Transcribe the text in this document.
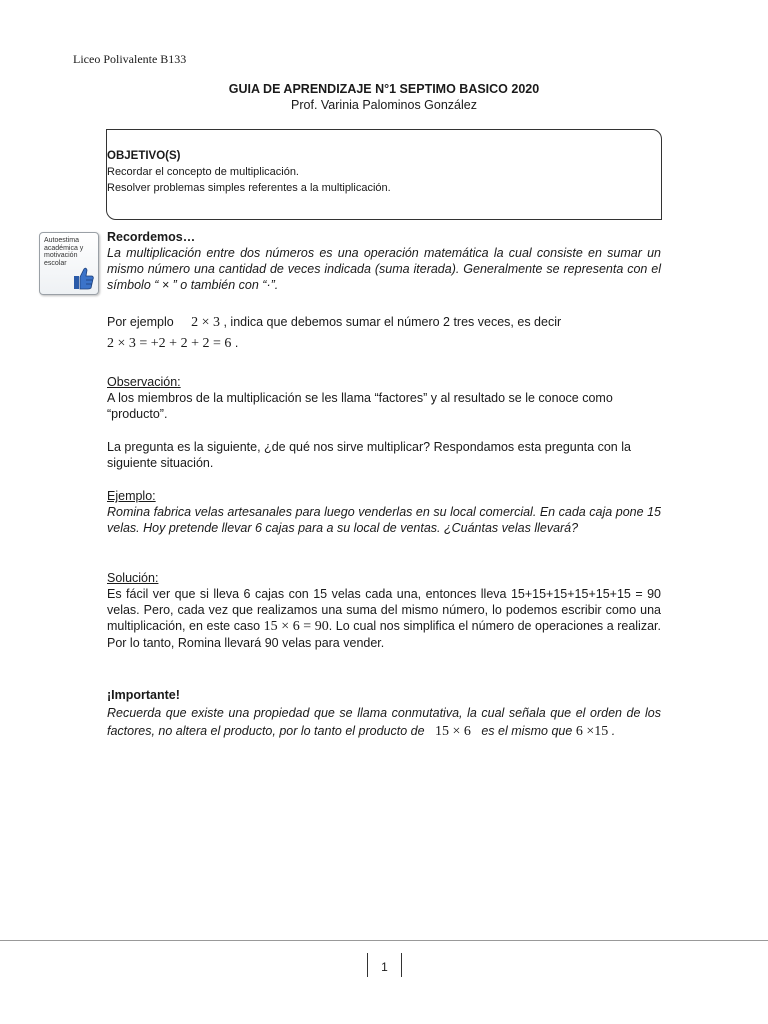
Liceo Polivalente B133
GUIA DE APRENDIZAJE N°1 SEPTIMO BASICO 2020
Prof. Varinia Palominos González
OBJETIVO(S)
Recordar el concepto de multiplicación.
Resolver problemas simples referentes a la multiplicación.
Autoestima académica y motivación escolar
Recordemos…
La multiplicación entre dos números es una operación matemática la cual consiste en sumar un mismo número una cantidad de veces indicada (suma iterada). Generalmente se representa con el símbolo “ × ” o también con “·”.
Por ejemplo 2 × 3 , indica que debemos sumar el número 2 tres veces, es decir
2 × 3 = +2 + 2 + 2 = 6 .
Observación:
A los miembros de la multiplicación se les llama “factores” y al resultado se le conoce como “producto”.
La pregunta es la siguiente, ¿de qué nos sirve multiplicar? Respondamos esta pregunta con la siguiente situación.
Ejemplo:
Romina fabrica velas artesanales para luego venderlas en su local comercial. En cada caja pone 15 velas. Hoy pretende llevar 6 cajas para a su local de ventas. ¿Cuántas velas llevará?
Solución:
Es fácil ver que si lleva 6 cajas con 15 velas cada una, entonces lleva 15+15+15+15+15+15 = 90 velas. Pero, cada vez que realizamos una suma del mismo número, lo podemos escribir como una multiplicación, en este caso 15 × 6 = 90. Lo cual nos simplifica el número de operaciones a realizar. Por lo tanto, Romina llevará 90 velas para vender.
¡Importante!
Recuerda que existe una propiedad que se llama conmutativa, la cual señala que el orden de los factores, no altera el producto, por lo tanto el producto de 15 × 6 es el mismo que 6 ×15 .
1
